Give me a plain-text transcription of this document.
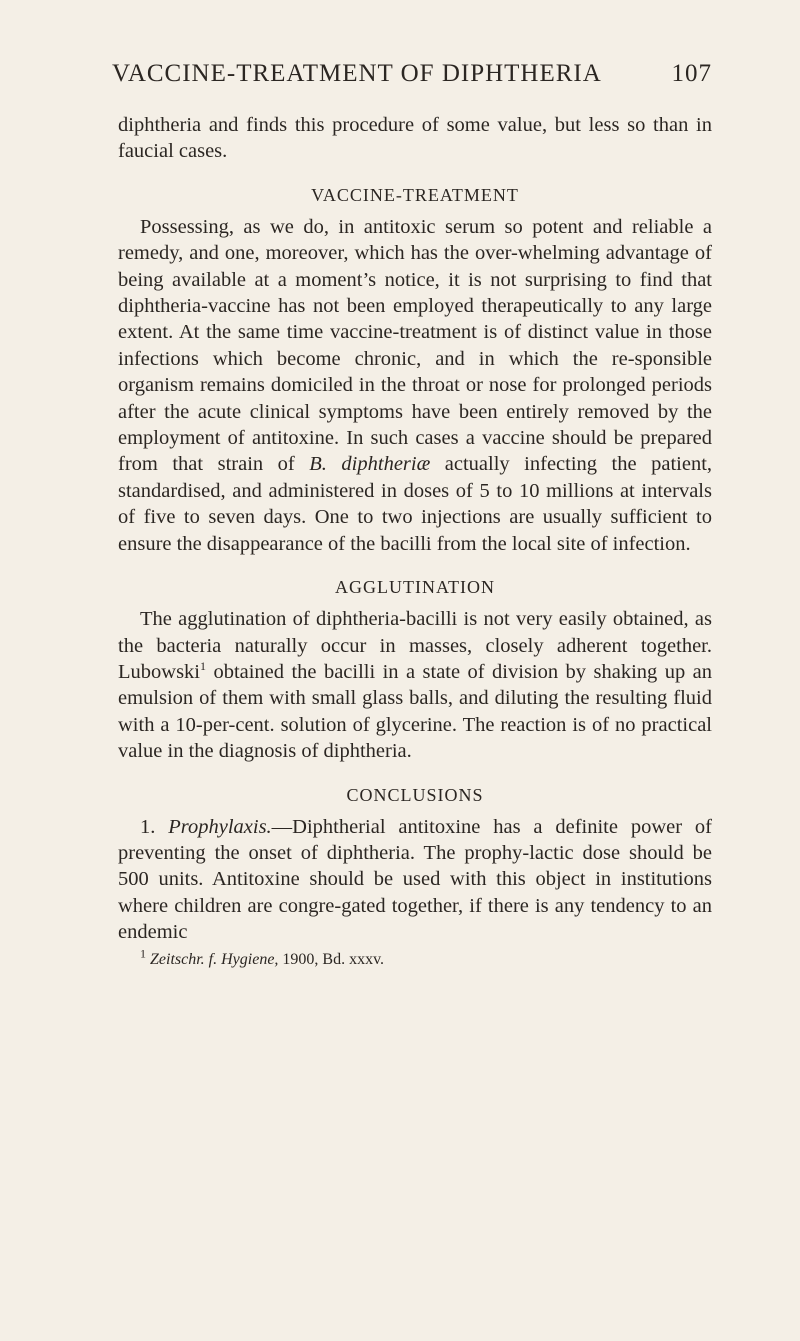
VACCINE-TREATMENT OF DIPHTHERIA	107

diphtheria and finds this procedure of some value, but less so than in faucial cases.

VACCINE-TREATMENT

Possessing, as we do, in antitoxic serum so potent and reliable a remedy, and one, moreover, which has the over-whelming advantage of being available at a moment’s notice, it is not surprising to find that diphtheria-vaccine has not been employed therapeutically to any large extent. At the same time vaccine-treatment is of distinct value in those infections which become chronic, and in which the re-sponsible organism remains domiciled in the throat or nose for prolonged periods after the acute clinical symptoms have been entirely removed by the employment of antitoxine. In such cases a vaccine should be prepared from that strain of B. diphtheriæ actually infecting the patient, standardised, and administered in doses of 5 to 10 millions at intervals of five to seven days. One to two injections are usually sufficient to ensure the disappearance of the bacilli from the local site of infection.

AGGLUTINATION

The agglutination of diphtheria-bacilli is not very easily obtained, as the bacteria naturally occur in masses, closely adherent together. Lubowski$^1$ obtained the bacilli in a state of division by shaking up an emulsion of them with small glass balls, and diluting the resulting fluid with a 10-per-cent. solution of glycerine. The reaction is of no practical value in the diagnosis of diphtheria.

CONCLUSIONS

1. Prophylaxis.—Diphtherial antitoxine has a definite power of preventing the onset of diphtheria. The prophy-lactic dose should be 500 units. Antitoxine should be used with this object in institutions where children are congre-gated together, if there is any tendency to an endemic

$^1$ Zeitschr. f. Hygiene, 1900, Bd. xxxv.
